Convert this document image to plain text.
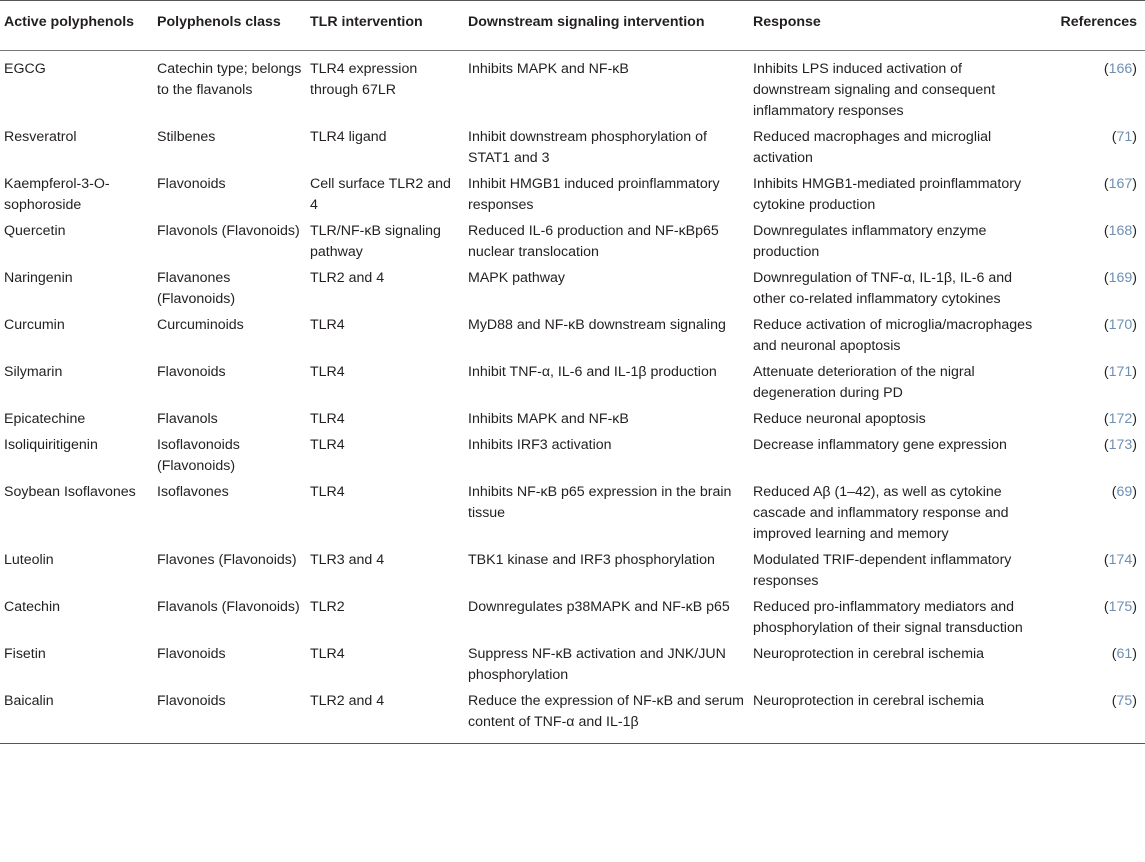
Active polyphenols	Polyphenols class	TLR intervention	Downstream signaling intervention	Response	References
EGCG	Catechin type; belongs to the flavanols	TLR4 expression through 67LR	Inhibits MAPK and NF-κB	Inhibits LPS induced activation of downstream signaling and consequent inflammatory responses	(166)
Resveratrol	Stilbenes	TLR4 ligand	Inhibit downstream phosphorylation of STAT1 and 3	Reduced macrophages and microglial activation	(71)
Kaempferol-3-O-sophoroside	Flavonoids	Cell surface TLR2 and 4	Inhibit HMGB1 induced proinflammatory responses	Inhibits HMGB1-mediated proinflammatory cytokine production	(167)
Quercetin	Flavonols (Flavonoids)	TLR/NF-κB signaling pathway	Reduced IL-6 production and NF-κBp65 nuclear translocation	Downregulates inflammatory enzyme production	(168)
Naringenin	Flavanones (Flavonoids)	TLR2 and 4	MAPK pathway	Downregulation of TNF-α, IL-1β, IL-6 and other co-related inflammatory cytokines	(169)
Curcumin	Curcuminoids	TLR4	MyD88 and NF-κB downstream signaling	Reduce activation of microglia/macrophages and neuronal apoptosis	(170)
Silymarin	Flavonoids	TLR4	Inhibit TNF-α, IL-6 and IL-1β production	Attenuate deterioration of the nigral degeneration during PD	(171)
Epicatechine	Flavanols	TLR4	Inhibits MAPK and NF-κB	Reduce neuronal apoptosis	(172)
Isoliquiritigenin	Isoflavonoids (Flavonoids)	TLR4	Inhibits IRF3 activation	Decrease inflammatory gene expression	(173)
Soybean Isoflavones	Isoflavones	TLR4	Inhibits NF-κB p65 expression in the brain tissue	Reduced Aβ (1–42), as well as cytokine cascade and inflammatory response and improved learning and memory	(69)
Luteolin	Flavones (Flavonoids)	TLR3 and 4	TBK1 kinase and IRF3 phosphorylation	Modulated TRIF-dependent inflammatory responses	(174)
Catechin	Flavanols (Flavonoids)	TLR2	Downregulates p38MAPK and NF-κB p65	Reduced pro-inflammatory mediators and phosphorylation of their signal transduction	(175)
Fisetin	Flavonoids	TLR4	Suppress NF-κB activation and JNK/JUN phosphorylation	Neuroprotection in cerebral ischemia	(61)
Baicalin	Flavonoids	TLR2 and 4	Reduce the expression of NF-κB and serum content of TNF-α and IL-1β	Neuroprotection in cerebral ischemia	(75)
